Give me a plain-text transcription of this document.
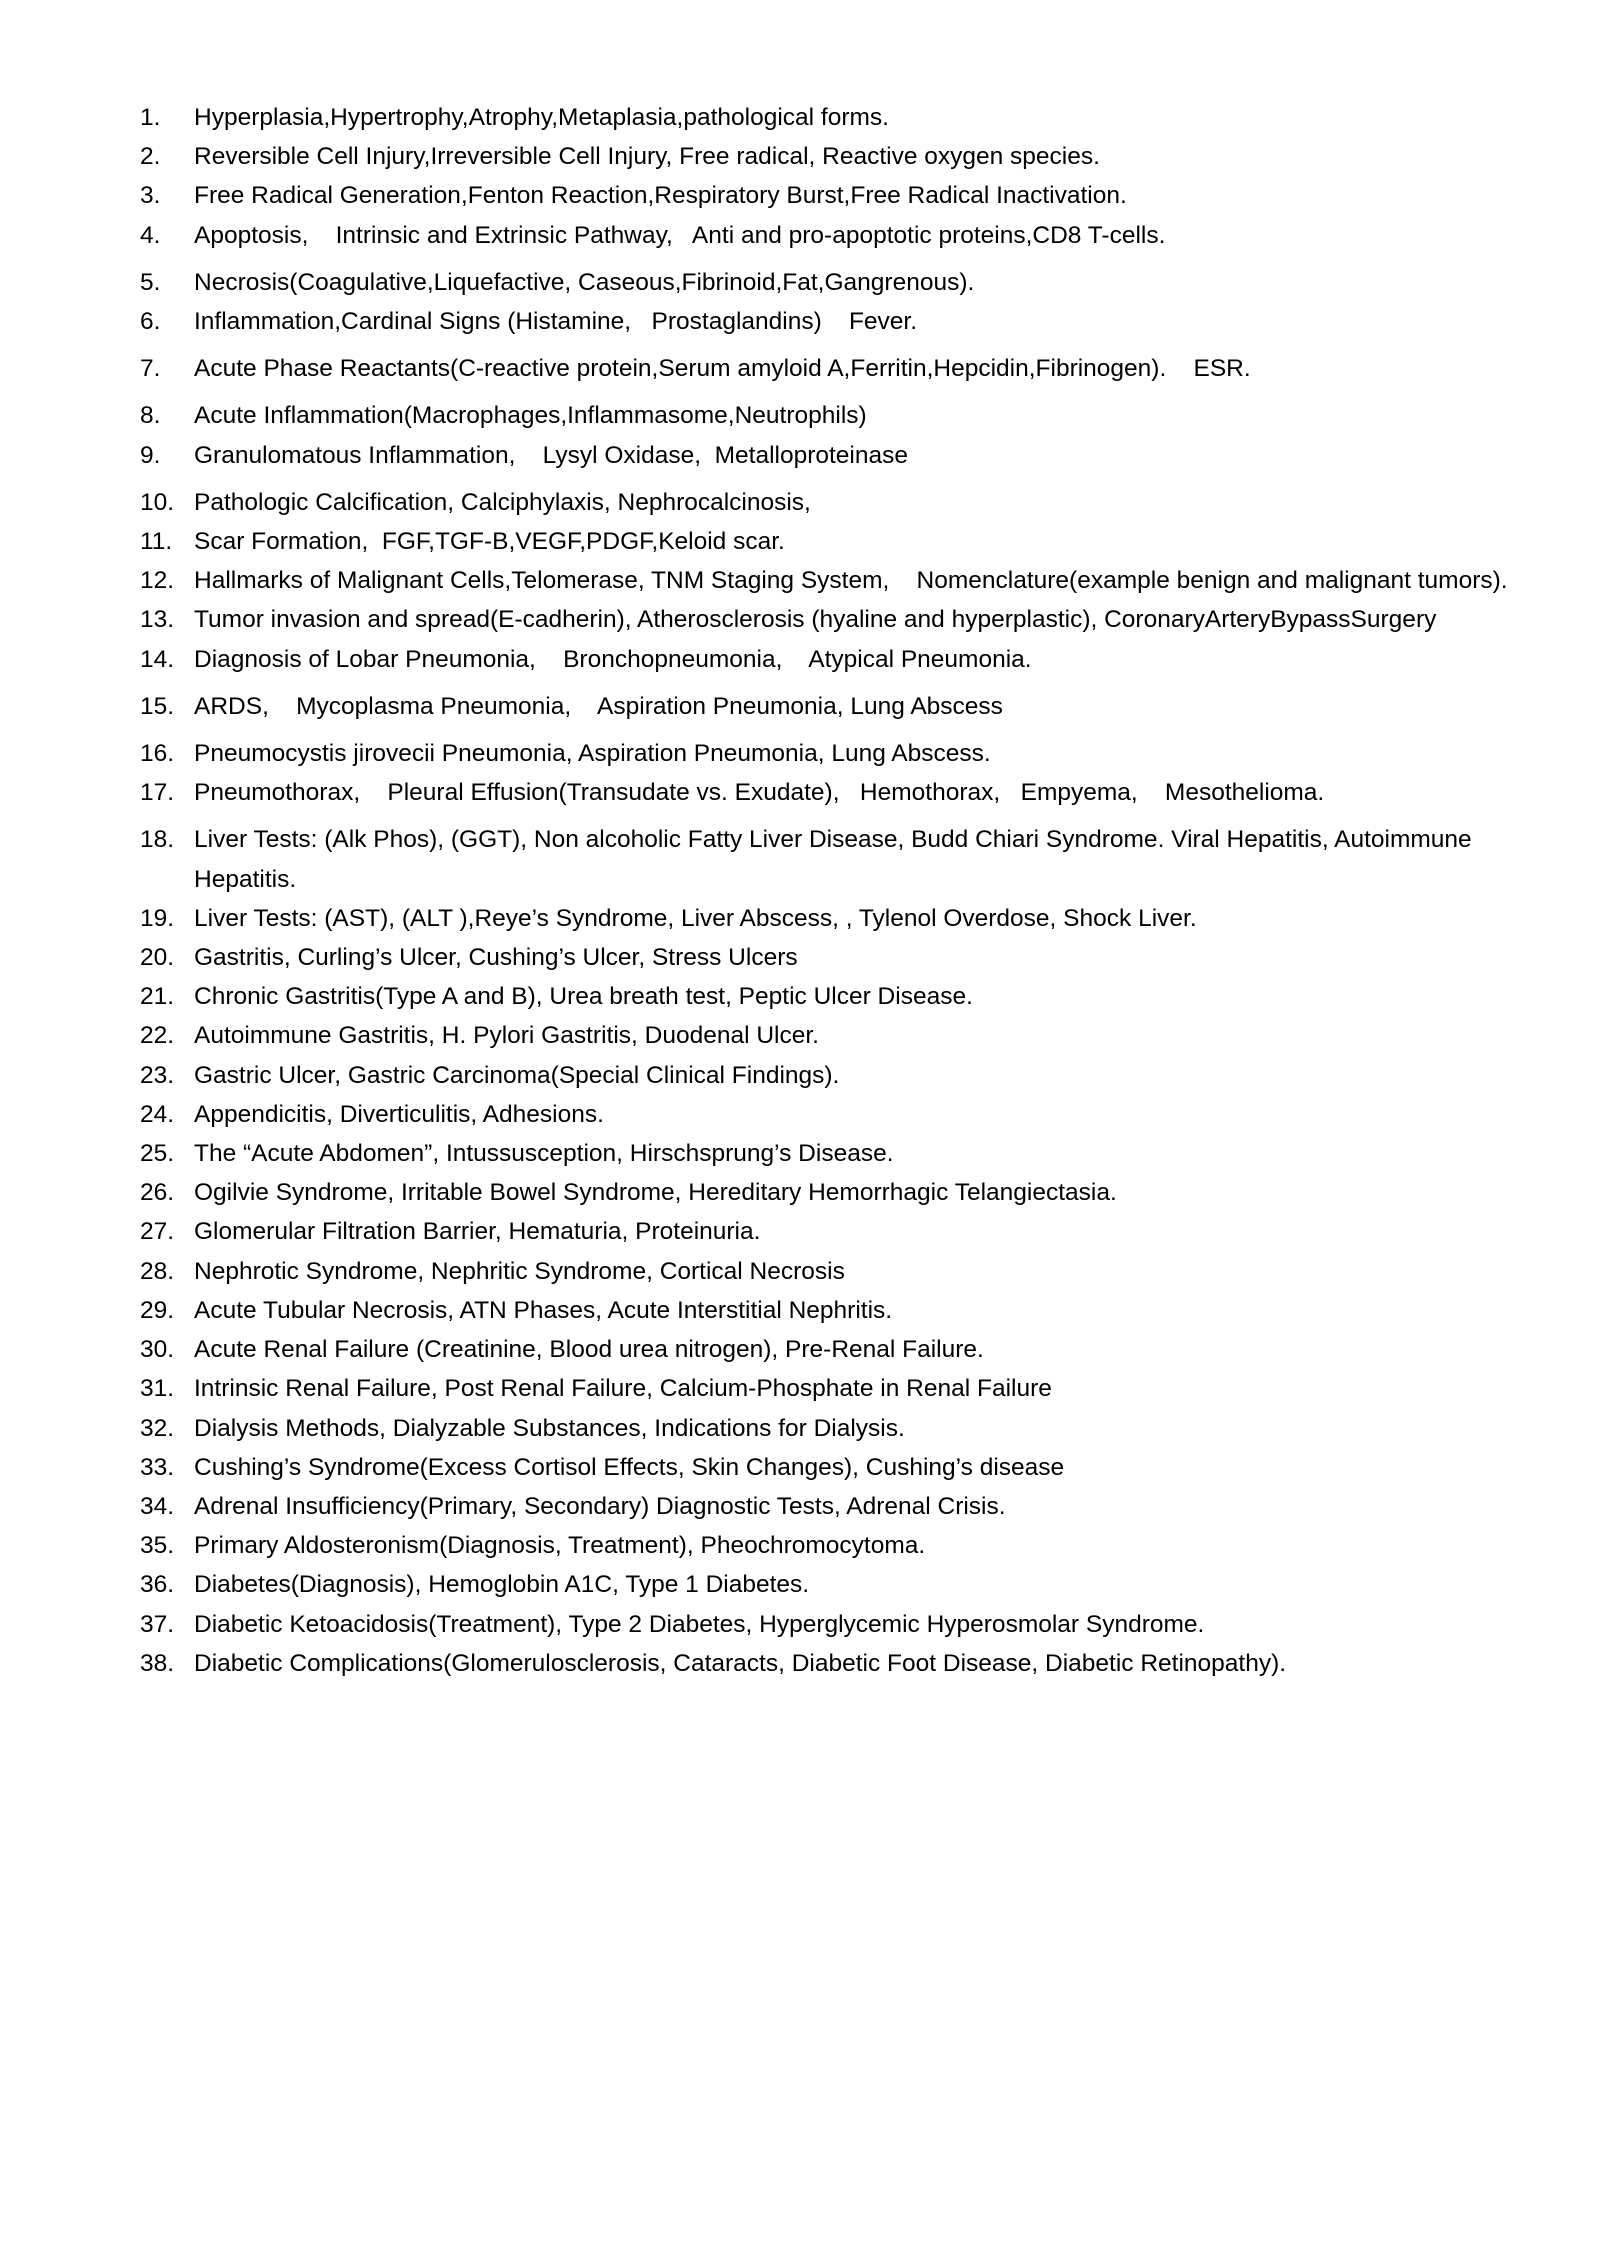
1.	Hyperplasia,Hypertrophy,Atrophy,Metaplasia,pathological forms.
2.	Reversible Cell Injury,Irreversible Cell Injury, Free radical, Reactive oxygen species.
3.	Free Radical Generation,Fenton Reaction,Respiratory Burst,Free Radical Inactivation.
4.	Apoptosis,    Intrinsic and Extrinsic Pathway,   Anti and pro-apoptotic proteins,CD8 T-cells.
5.	Necrosis(Coagulative,Liquefactive, Caseous,Fibrinoid,Fat,Gangrenous).
6.	Inflammation,Cardinal Signs (Histamine,   Prostaglandins)    Fever.
7.	Acute Phase Reactants(C-reactive protein,Serum amyloid A,Ferritin,Hepcidin,Fibrinogen).    ESR.
8.	Acute Inflammation(Macrophages,Inflammasome,Neutrophils)
9.	Granulomatous Inflammation,    Lysyl Oxidase,  Metalloproteinase
10. Pathologic Calcification, Calciphylaxis, Nephrocalcinosis,
11. Scar Formation,  FGF,TGF-B,VEGF,PDGF,Keloid scar.
12. Hallmarks of Malignant Cells,Telomerase, TNM Staging System,    Nomenclature(example benign and malignant tumors).
13. Tumor invasion and spread(E-cadherin), Atherosclerosis (hyaline and hyperplastic), CoronaryArteryBypassSurgery
14. Diagnosis of Lobar Pneumonia,    Bronchopneumonia,    Atypical Pneumonia.
15. ARDS,    Mycoplasma Pneumonia,    Aspiration Pneumonia, Lung Abscess
16. Pneumocystis jirovecii Pneumonia, Aspiration Pneumonia, Lung Abscess.
17. Pneumothorax,    Pleural Effusion(Transudate vs. Exudate),   Hemothorax,   Empyema,    Mesothelioma.
18. Liver Tests: (Alk Phos), (GGT), Non alcoholic Fatty Liver Disease, Budd Chiari Syndrome. Viral Hepatitis, Autoimmune Hepatitis.
19. Liver Tests: (AST), (ALT ),Reye’s Syndrome, Liver Abscess, , Tylenol Overdose, Shock Liver.
20. Gastritis, Curling’s Ulcer, Cushing’s Ulcer, Stress Ulcers
21. Chronic Gastritis(Type A and B), Urea breath test, Peptic Ulcer Disease.
22. Autoimmune Gastritis, H. Pylori Gastritis, Duodenal Ulcer.
23. Gastric Ulcer, Gastric Carcinoma(Special Clinical Findings).
24. Appendicitis, Diverticulitis, Adhesions.
25. The “Acute Abdomen”, Intussusception, Hirschsprung’s Disease.
26. Ogilvie Syndrome, Irritable Bowel Syndrome, Hereditary Hemorrhagic Telangiectasia.
27. Glomerular Filtration Barrier, Hematuria, Proteinuria.
28. Nephrotic Syndrome, Nephritic Syndrome, Cortical Necrosis
29. Acute Tubular Necrosis, ATN Phases, Acute Interstitial Nephritis.
30. Acute Renal Failure (Creatinine, Blood urea nitrogen), Pre-Renal Failure.
31. Intrinsic Renal Failure, Post Renal Failure, Calcium-Phosphate in Renal Failure
32. Dialysis Methods, Dialyzable Substances, Indications for Dialysis.
33. Cushing’s Syndrome(Excess Cortisol Effects, Skin Changes), Cushing’s disease
34. Adrenal Insufficiency(Primary, Secondary) Diagnostic Tests, Adrenal Crisis.
35. Primary Aldosteronism(Diagnosis, Treatment), Pheochromocytoma.
36. Diabetes(Diagnosis), Hemoglobin A1C, Type 1 Diabetes.
37. Diabetic Ketoacidosis(Treatment), Type 2 Diabetes, Hyperglycemic Hyperosmolar Syndrome.
38. Diabetic Complications(Glomerulosclerosis, Cataracts, Diabetic Foot Disease, Diabetic Retinopathy).
